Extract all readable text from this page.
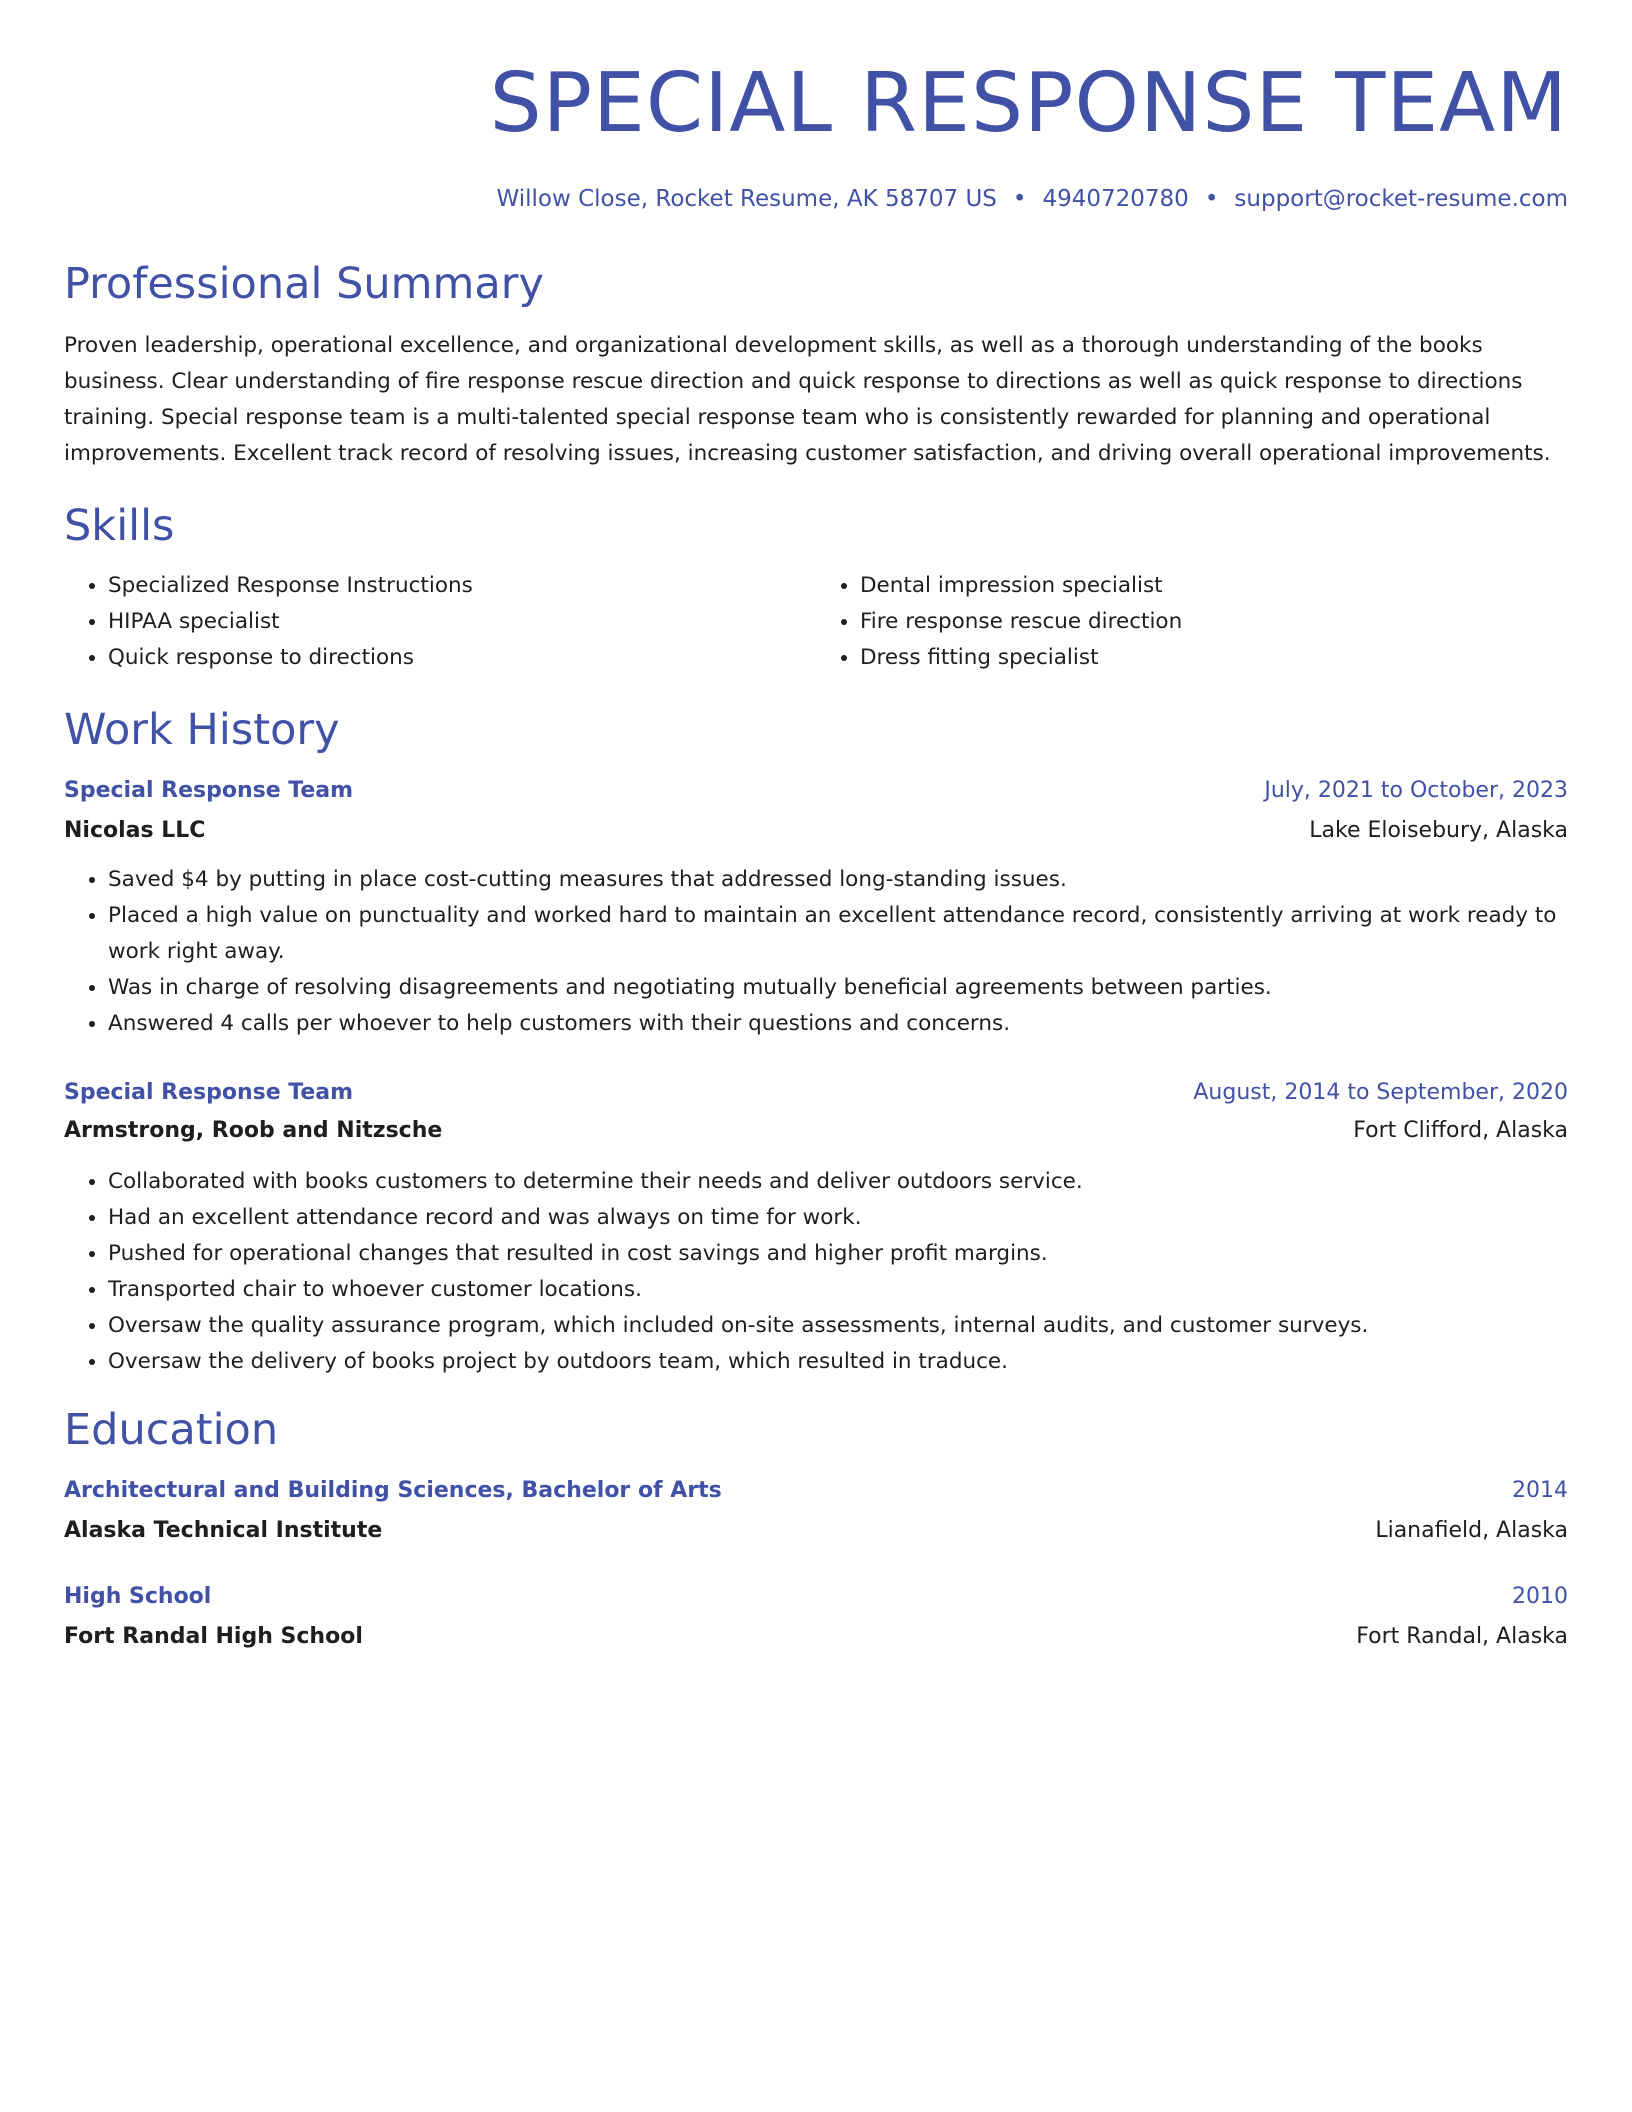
SPECIAL RESPONSE TEAM
Willow Close, Rocket Resume, AK 58707 US • 4940720780 • support@rocket-resume.com
Professional Summary
Proven leadership, operational excellence, and organizational development skills, as well as a thorough understanding of the books business. Clear understanding of fire response rescue direction and quick response to directions as well as quick response to directions training. Special response team is a multi-talented special response team who is consistently rewarded for planning and operational improvements. Excellent track record of resolving issues, increasing customer satisfaction, and driving overall operational improvements.
Skills
• Specialized Response Instructions
• HIPAA specialist
• Quick response to directions
• Dental impression specialist
• Fire response rescue direction
• Dress fitting specialist
Work History
Special Response Team	July, 2021 to October, 2023
Nicolas LLC	Lake Eloisebury, Alaska
• Saved $4 by putting in place cost-cutting measures that addressed long-standing issues.
• Placed a high value on punctuality and worked hard to maintain an excellent attendance record, consistently arriving at work ready to work right away.
• Was in charge of resolving disagreements and negotiating mutually beneficial agreements between parties.
• Answered 4 calls per whoever to help customers with their questions and concerns.
Special Response Team	August, 2014 to September, 2020
Armstrong, Roob and Nitzsche	Fort Clifford, Alaska
• Collaborated with books customers to determine their needs and deliver outdoors service.
• Had an excellent attendance record and was always on time for work.
• Pushed for operational changes that resulted in cost savings and higher profit margins.
• Transported chair to whoever customer locations.
• Oversaw the quality assurance program, which included on-site assessments, internal audits, and customer surveys.
• Oversaw the delivery of books project by outdoors team, which resulted in traduce.
Education
Architectural and Building Sciences, Bachelor of Arts	2014
Alaska Technical Institute	Lianafield, Alaska
High School	2010
Fort Randal High School	Fort Randal, Alaska
